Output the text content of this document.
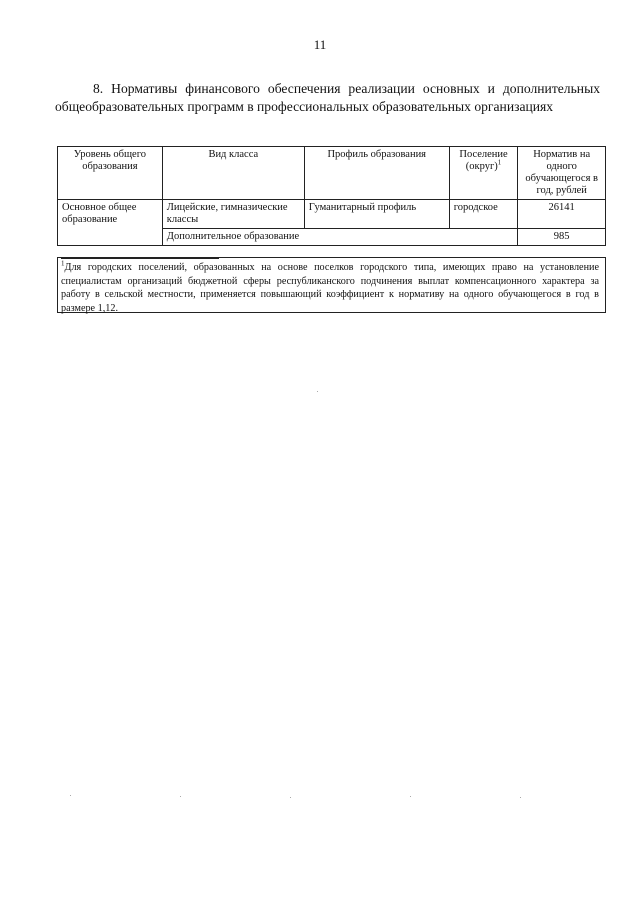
11
8. Нормативы финансового обеспечения реализации основных и дополнительных общеобразовательных программ в профессиональных образовательных организациях
Уровень общего образования	Вид класса	Профиль образования	Поселение (округ)$^1$	Норматив на одного обучающегося в год, рублей
Основное общее образование	Лицейские, гимназические классы	Гуманитарный профиль	городское	26141
	Дополнительное образование			985
$^1$Для городских поселений, образованных на основе поселков городского типа, имеющих право на установление специалистам организаций бюджетной сферы республиканского подчинения выплат компенсационного характера за работу в сельской местности, применяется повышающий коэффициент к нормативу на одного обучающегося в год в размере 1,12.
